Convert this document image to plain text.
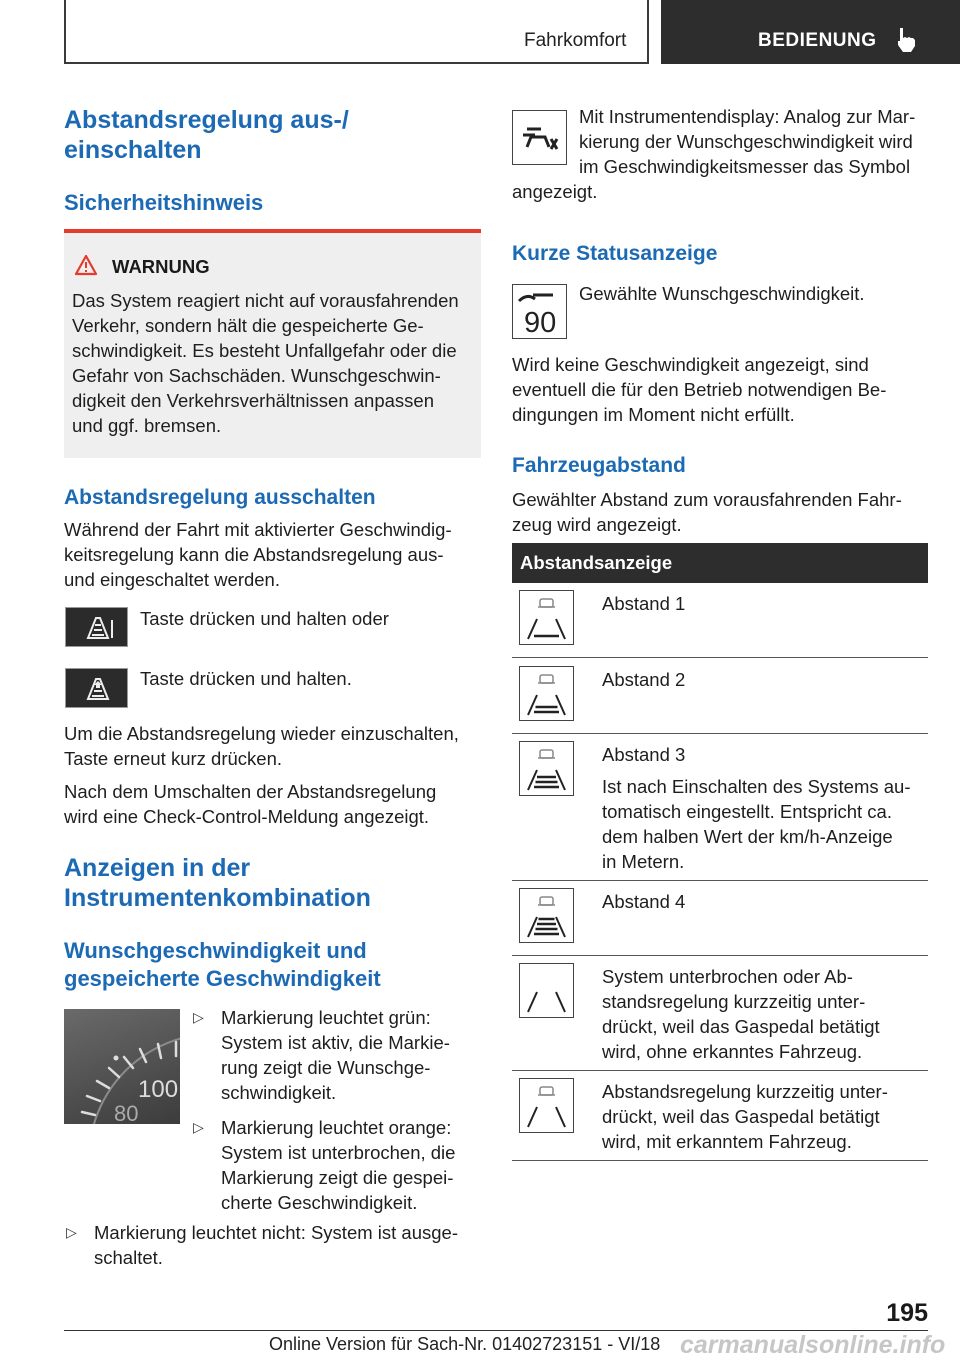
Fahrkomfort	BEDIENUNG
Abstandsregelung aus-/
einschalten
Sicherheitshinweis
WARNUNG
Das System reagiert nicht auf vorausfahrenden
Verkehr, sondern hält die gespeicherte Ge-
schwindigkeit. Es besteht Unfallgefahr oder die
Gefahr von Sachschäden. Wunschgeschwin-
digkeit den Verkehrsverhältnissen anpassen
und ggf. bremsen.
Abstandsregelung ausschalten
Während der Fahrt mit aktivierter Geschwindig-
keitsregelung kann die Abstandsregelung aus-
und eingeschaltet werden.
Taste drücken und halten oder
Taste drücken und halten.
Um die Abstandsregelung wieder einzuschalten,
Taste erneut kurz drücken.
Nach dem Umschalten der Abstandsregelung
wird eine Check-Control-Meldung angezeigt.
Anzeigen in der
Instrumentenkombination
Wunschgeschwindigkeit und
gespeicherte Geschwindigkeit
100
80
▷ Markierung leuchtet grün:
System ist aktiv, die Markie-
rung zeigt die Wunschge-
schwindigkeit.
▷ Markierung leuchtet orange:
System ist unterbrochen, die
Markierung zeigt die gespei-
cherte Geschwindigkeit.
▷ Markierung leuchtet nicht: System ist ausge-
schaltet.
Mit Instrumentendisplay: Analog zur Mar-
kierung der Wunschgeschwindigkeit wird
im Geschwindigkeitsmesser das Symbol
angezeigt.
Kurze Statusanzeige
90
Gewählte Wunschgeschwindigkeit.
Wird keine Geschwindigkeit angezeigt, sind
eventuell die für den Betrieb notwendigen Be-
dingungen im Moment nicht erfüllt.
Fahrzeugabstand
Gewählter Abstand zum vorausfahrenden Fahr-
zeug wird angezeigt.
Abstandsanzeige
Abstand 1
Abstand 2
Abstand 3
Ist nach Einschalten des Systems au-
tomatisch eingestellt. Entspricht ca.
dem halben Wert der km/h-Anzeige
in Metern.
Abstand 4
System unterbrochen oder Ab-
standsregelung kurzzeitig unter-
drückt, weil das Gaspedal betätigt
wird, ohne erkanntes Fahrzeug.
Abstandsregelung kurzzeitig unter-
drückt, weil das Gaspedal betätigt
wird, mit erkanntem Fahrzeug.
195
Online Version für Sach-Nr. 01402723151 - VI/18 carmanualsonline.info
